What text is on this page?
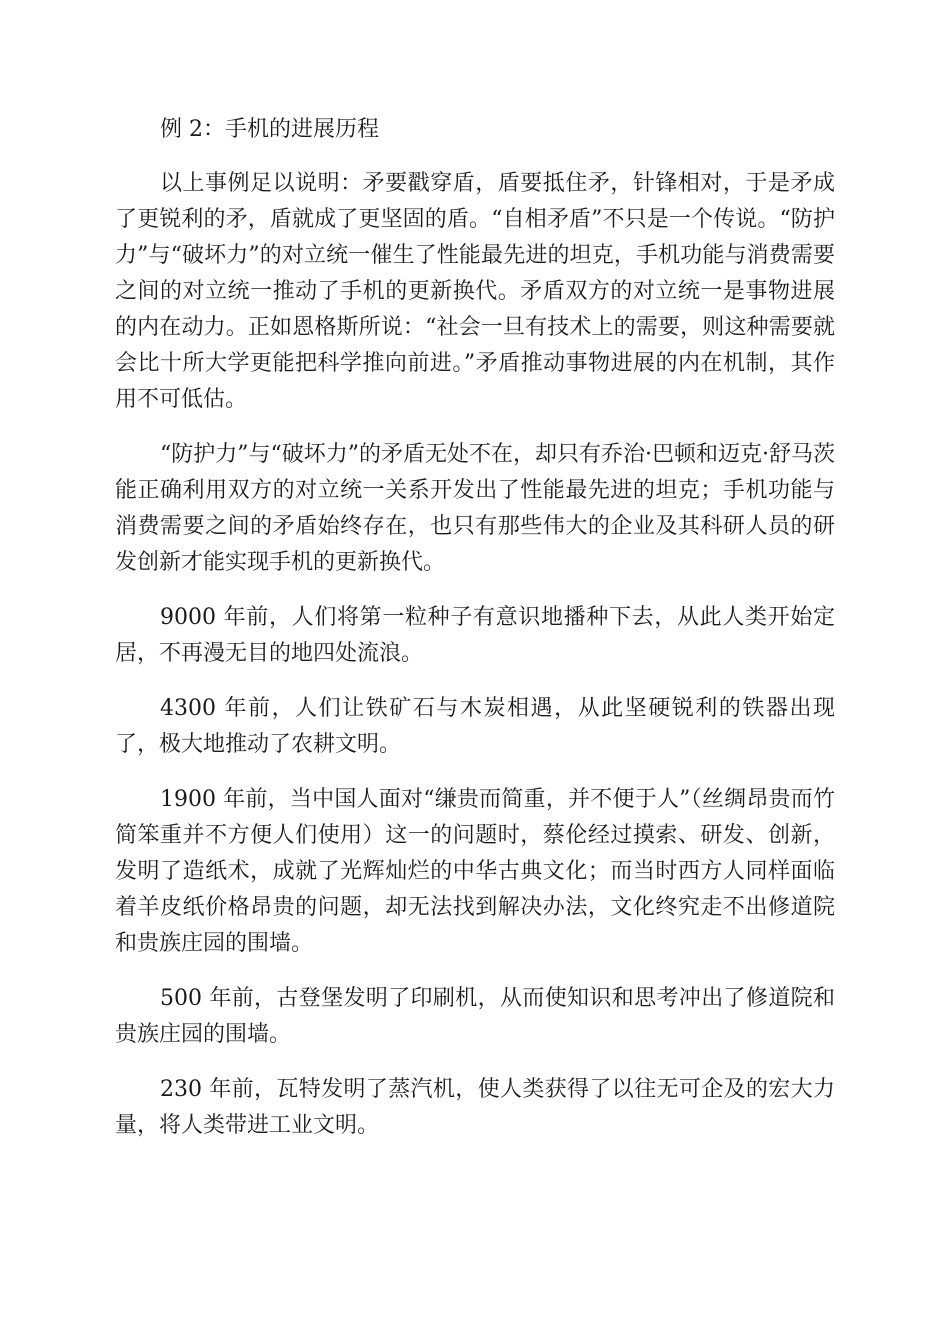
例 2：手机的进展历程

以上事例足以说明：矛要戳穿盾，盾要抵住矛，针锋相对，于是矛成了更锐利的矛，盾就成了更坚固的盾。“自相矛盾”不只是一个传说。“防护力”与“破坏力”的对立统一催生了性能最先进的坦克，手机功能与消费需要之间的对立统一推动了手机的更新换代。矛盾双方的对立统一是事物进展的内在动力。正如恩格斯所说：“社会一旦有技术上的需要，则这种需要就会比十所大学更能把科学推向前进。”矛盾推动事物进展的内在机制，其作用不可低估。

“防护力”与“破坏力”的矛盾无处不在，却只有乔治·巴顿和迈克·舒马茨能正确利用双方的对立统一关系开发出了性能最先进的坦克；手机功能与消费需要之间的矛盾始终存在，也只有那些伟大的企业及其科研人员的研发创新才能实现手机的更新换代。

9000 年前，人们将第一粒种子有意识地播种下去，从此人类开始定居，不再漫无目的地四处流浪。

4300 年前，人们让铁矿石与木炭相遇，从此坚硬锐利的铁器出现了，极大地推动了农耕文明。

1900 年前，当中国人面对“缣贵而简重，并不便于人”（丝绸昂贵而竹简笨重并不方便人们使用）这一的问题时，蔡伦经过摸索、研发、创新，发明了造纸术，成就了光辉灿烂的中华古典文化；而当时西方人同样面临着羊皮纸价格昂贵的问题，却无法找到解决办法，文化终究走不出修道院和贵族庄园的围墙。

500 年前，古登堡发明了印刷机，从而使知识和思考冲出了修道院和贵族庄园的围墙。

230 年前，瓦特发明了蒸汽机，使人类获得了以往无可企及的宏大力量，将人类带进工业文明。
